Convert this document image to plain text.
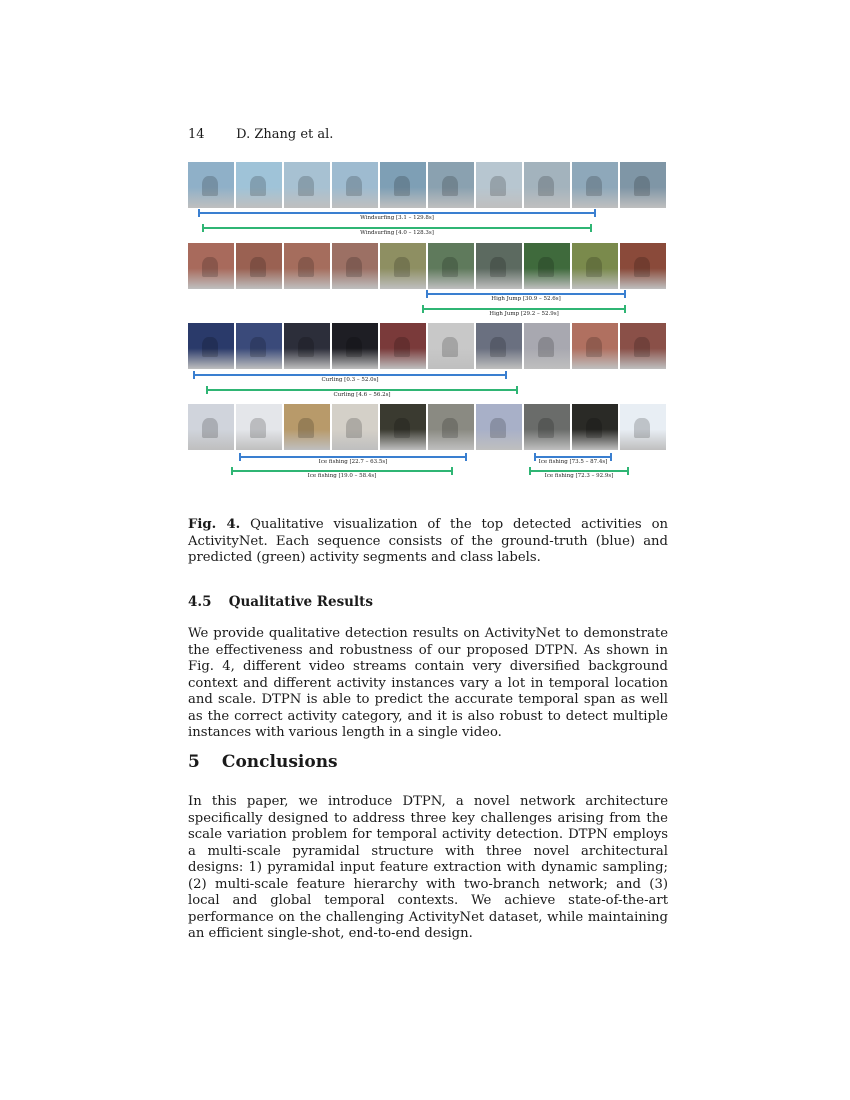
14 D. Zhang et al.
Windsurfing [3.1 – 129.8s]
Windsurfing [4.0 – 128.3s]
High Jump [30.9 – 52.6s]
High Jump [29.2 – 52.9s]
Curling [0.3 – 52.0s]
Curling [4.6 – 56.2s]
Ice fishing [22.7 – 63.5s]	Ice fishing [73.5 – 87.4s]
Ice fishing [19.0 – 58.4s]	Ice fishing [72.3 – 92.9s]
Fig. 4. Qualitative visualization of the top detected activities on ActivityNet. Each sequence consists of the ground-truth (blue) and predicted (green) activity segments and class labels.
4.5 Qualitative Results
We provide qualitative detection results on ActivityNet to demonstrate the effectiveness and robustness of our proposed DTPN. As shown in Fig. 4, different video streams contain very diversified background context and different activity instances vary a lot in temporal location and scale. DTPN is able to predict the accurate temporal span as well as the correct activity category, and it is also robust to detect multiple instances with various length in a single video.
5 Conclusions
In this paper, we introduce DTPN, a novel network architecture specifically designed to address three key challenges arising from the scale variation problem for temporal activity detection. DTPN employs a multi-scale pyramidal structure with three novel architectural designs: 1) pyramidal input feature extraction with dynamic sampling; (2) multi-scale feature hierarchy with two-branch network; and (3) local and global temporal contexts. We achieve state-of-the-art performance on the challenging ActivityNet dataset, while maintaining an efficient single-shot, end-to-end design.
